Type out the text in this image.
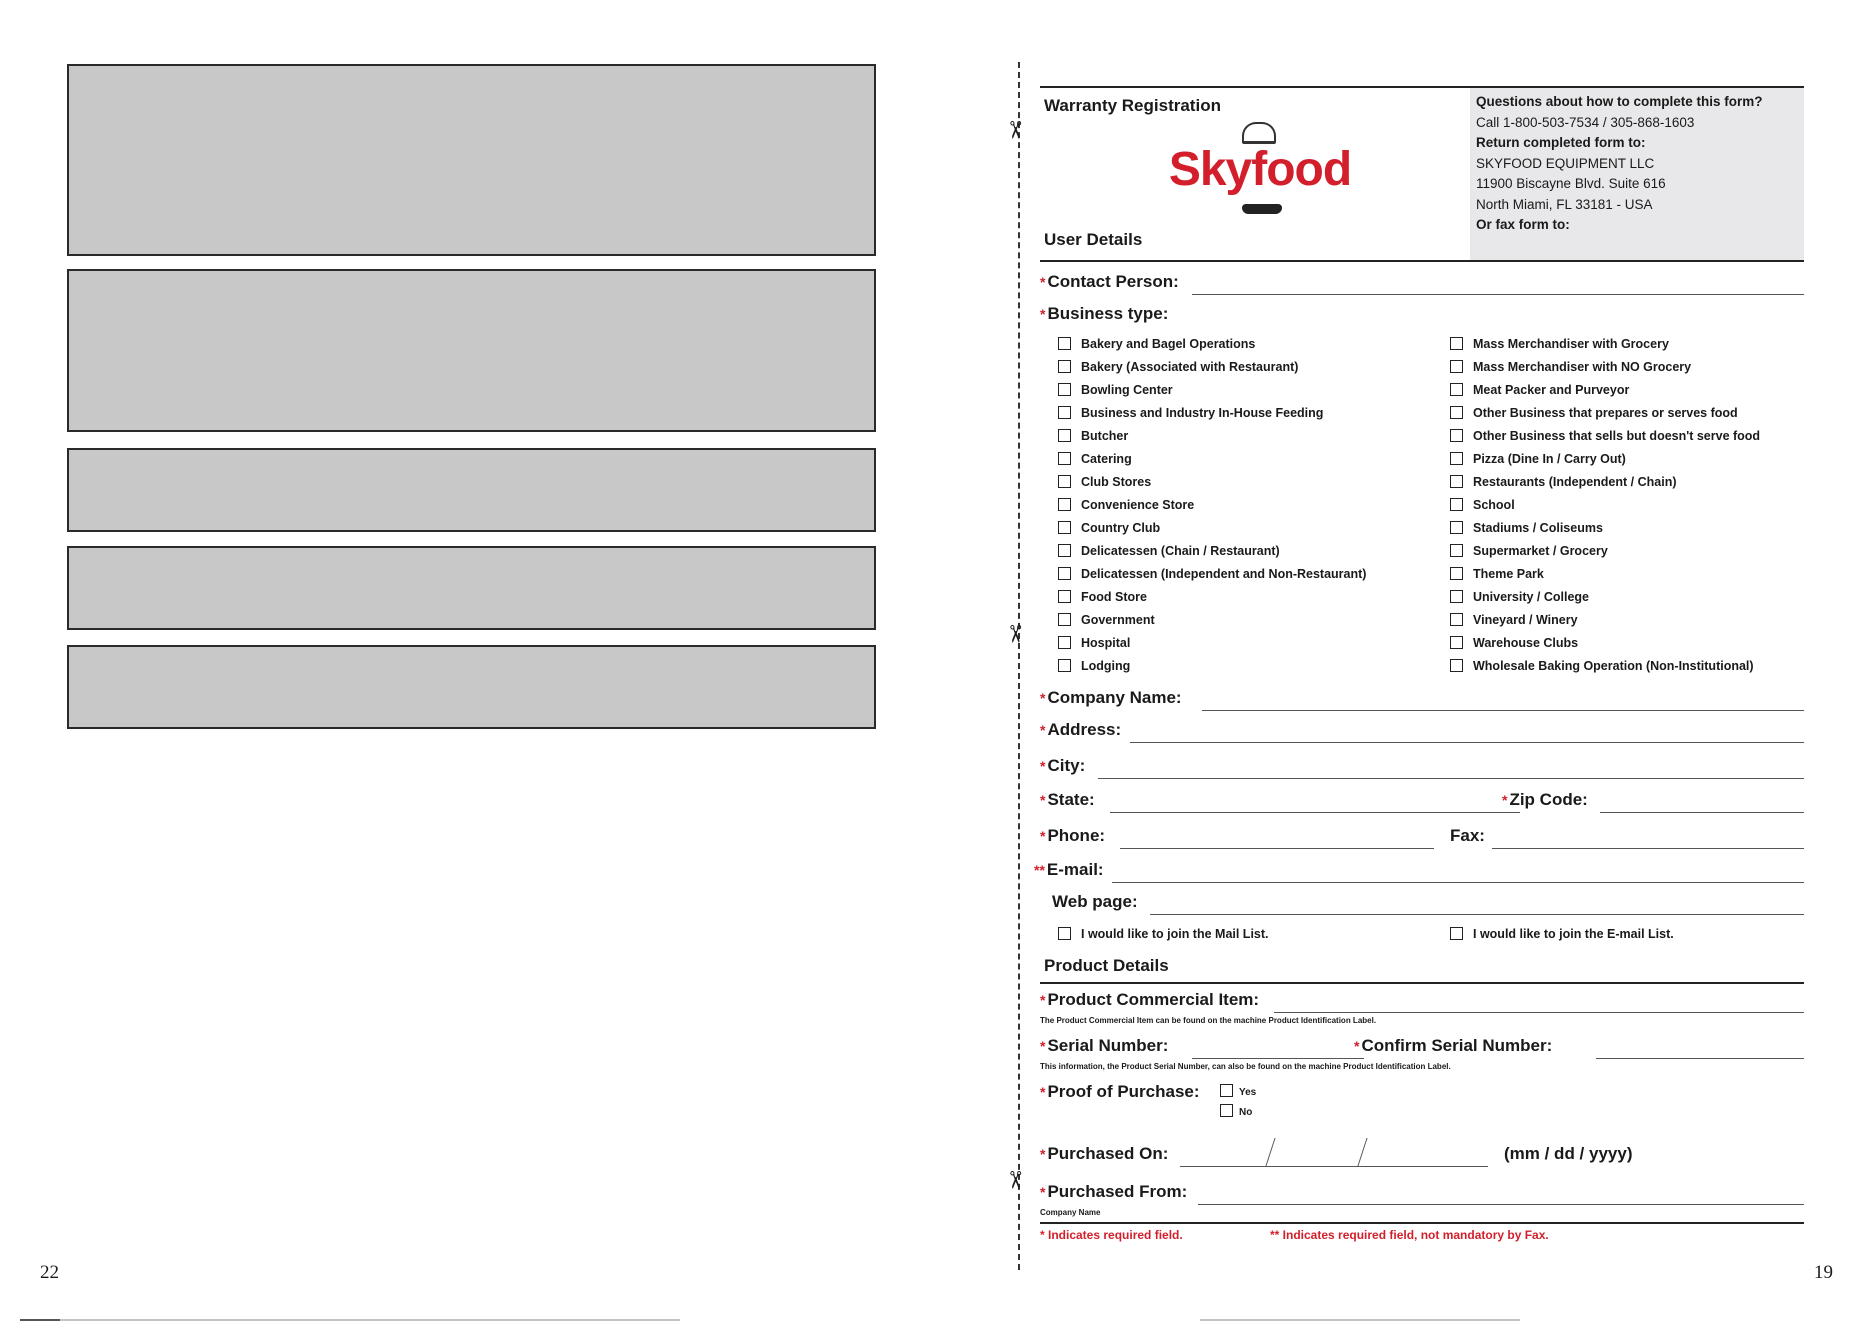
22
✂
✂
✂
19
Warranty Registration
Skyfood
Questions about how to complete this form?
Call 1-800-503-7534 / 305-868-1603
Return completed form to:
SKYFOOD EQUIPMENT LLC
11900 Biscayne Blvd. Suite 616
North Miami, FL 33181 - USA
Or fax form to:
User Details
* Contact Person:
* Business type:
Bakery and Bagel Operations
Bakery (Associated with Restaurant)
Bowling Center
Business and Industry In-House Feeding
Butcher
Catering
Club Stores
Convenience Store
Country Club
Delicatessen (Chain / Restaurant)
Delicatessen (Independent and Non-Restaurant)
Food Store
Government
Hospital
Lodging
Mass Merchandiser with Grocery
Mass Merchandiser with NO Grocery
Meat Packer and Purveyor
Other Business that prepares or serves food
Other Business that sells but doesn't serve food
Pizza (Dine In / Carry Out)
Restaurants (Independent / Chain)
School
Stadiums / Coliseums
Supermarket / Grocery
Theme Park
University / College
Vineyard / Winery
Warehouse Clubs
Wholesale Baking Operation (Non-Institutional)
* Company Name:
* Address:
* City:
* State:	* Zip Code:
* Phone:	Fax:
** E-mail:
Web page:
I would like to join the Mail List.	I would like to join the E-mail List.
Product Details
* Product Commercial Item:
The Product Commercial Item can be found on the machine Product Identification Label.
* Serial Number:	* Confirm Serial Number:
This information, the Product Serial Number, can also be found on the machine Product Identification Label.
* Proof of Purchase:	Yes
No
* Purchased On:	(mm / dd / yyyy)
* Purchased From:
Company Name
* Indicates required field.	** Indicates required field, not mandatory by Fax.
